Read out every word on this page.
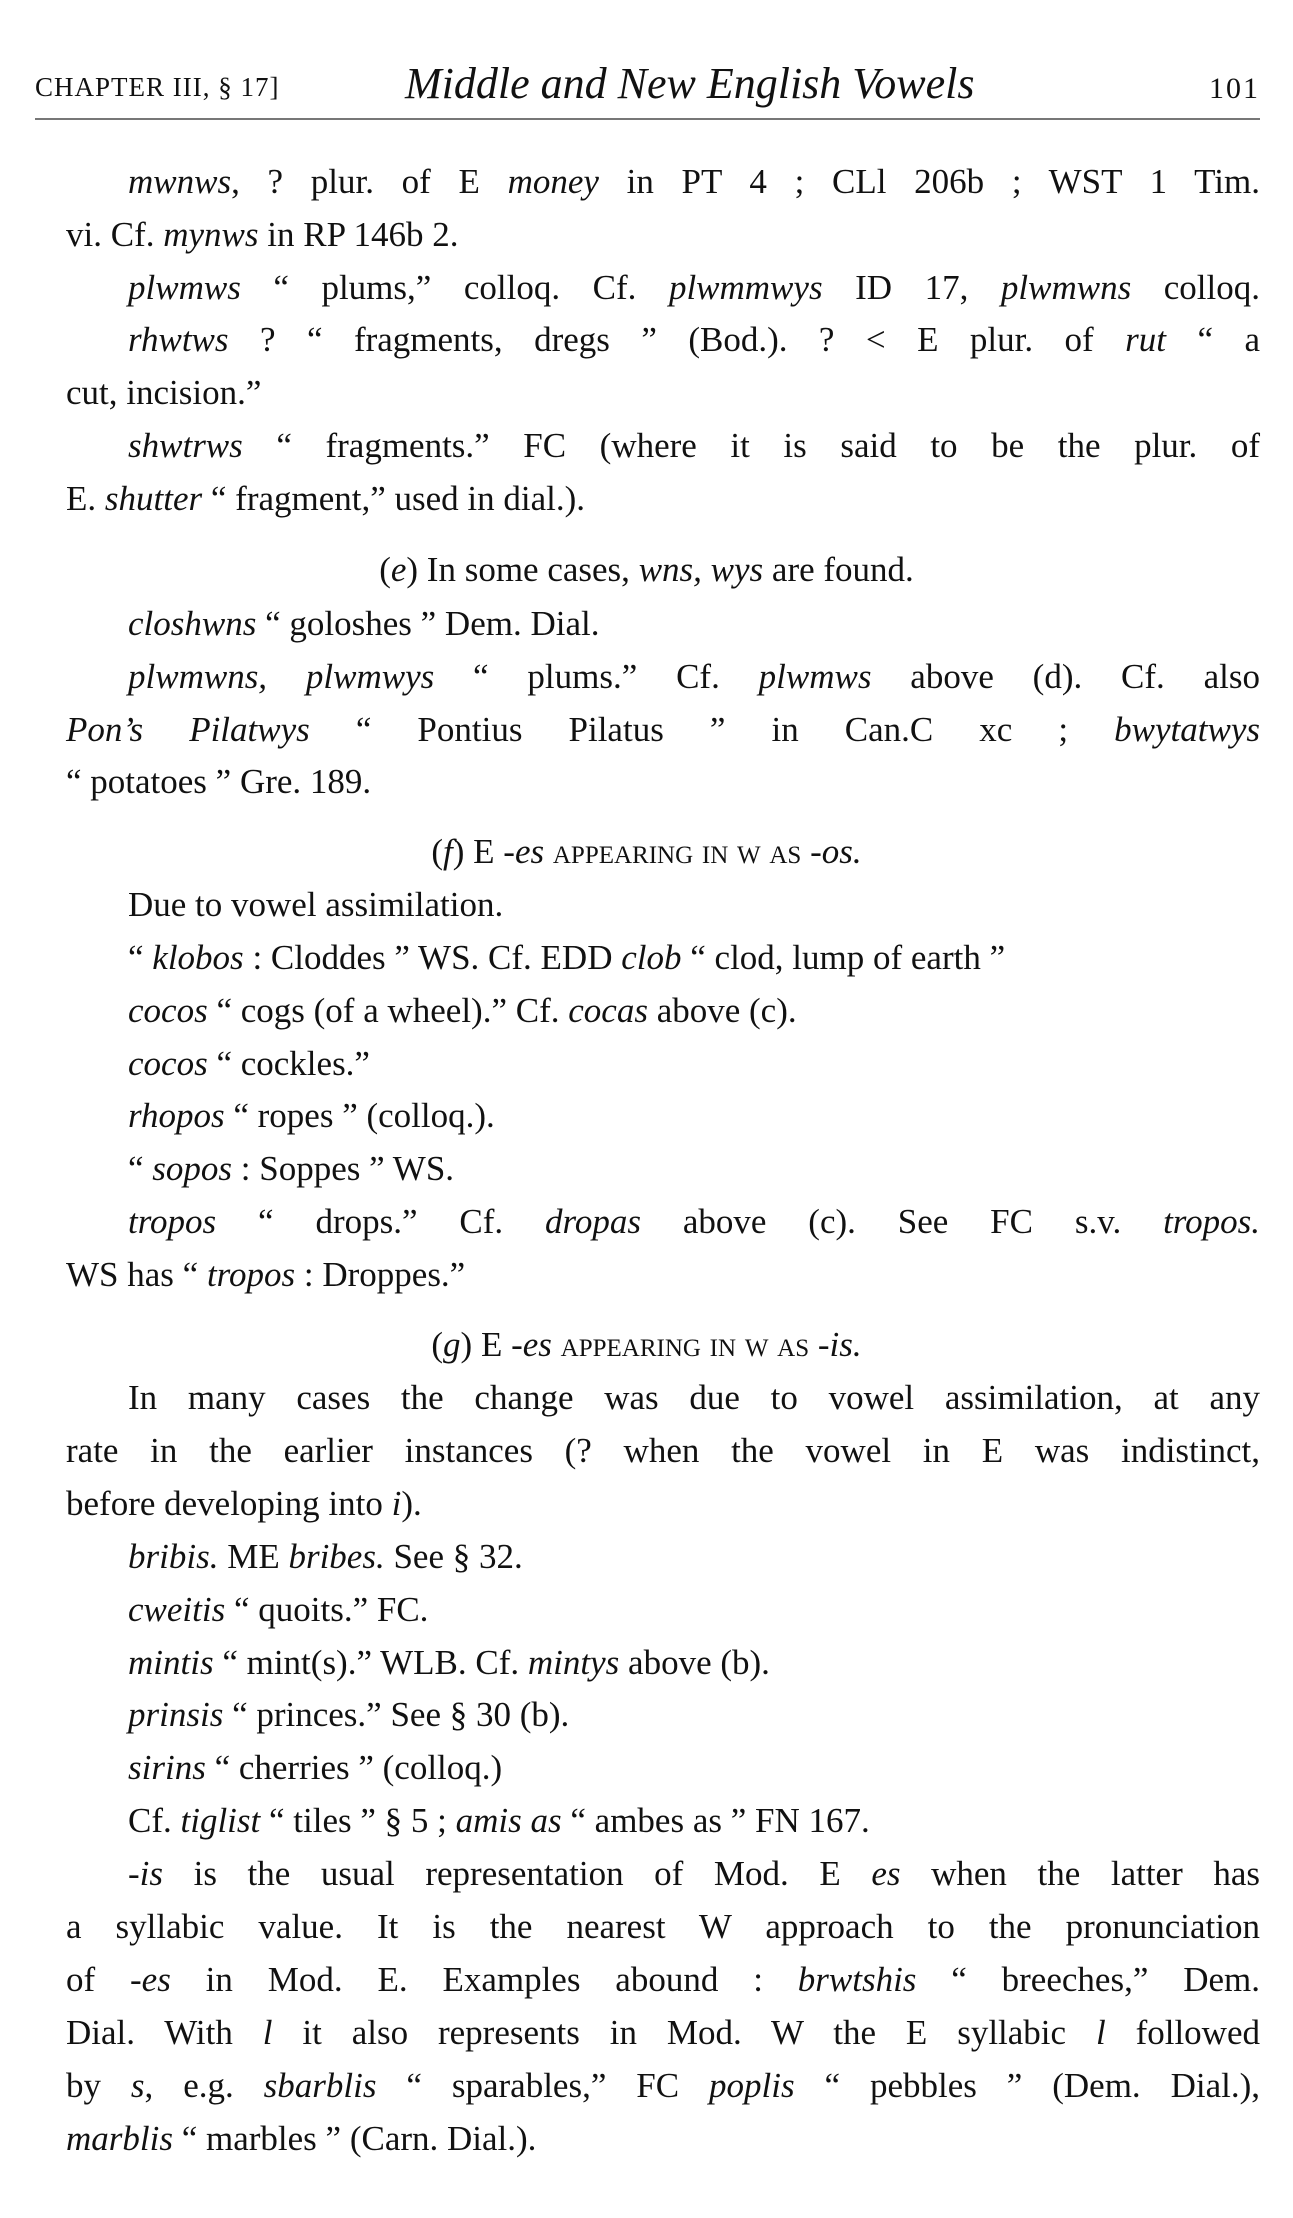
CHAPTER III, § 17]	Middle and New English Vowels	101
mwnws, ? plur. of E money in PT 4 ; CLl 206b ; WST 1 Tim.
vi. Cf. mynws in RP 146b 2.
plwmws “ plums,” colloq. Cf. plwmmwys ID 17, plwmwns colloq.
rhwtws ? “ fragments, dregs ” (Bod.). ? < E plur. of rut “ a
cut, incision.”
shwtrws “ fragments.” FC (where it is said to be the plur. of
E. shutter “ fragment,” used in dial.).
(e) In some cases, wns, wys are found.
closhwns “ goloshes ” Dem. Dial.
plwmwns, plwmwys “ plums.” Cf. plwmws above (d). Cf. also
Pon’s Pilatwys “ Pontius Pilatus ” in Can.C xc ; bwytatwys
“ potatoes ” Gre. 189.
(f) E -es appearing in w as -os.
Due to vowel assimilation.
“ klobos : Cloddes ” WS. Cf. EDD clob “ clod, lump of earth ”
cocos “ cogs (of a wheel).” Cf. cocas above (c).
cocos “ cockles.”
rhopos “ ropes ” (colloq.).
“ sopos : Soppes ” WS.
tropos “ drops.” Cf. dropas above (c). See FC s.v. tropos.
WS has “ tropos : Droppes.”
(g) E -es appearing in w as -is.
In many cases the change was due to vowel assimilation, at any
rate in the earlier instances (? when the vowel in E was indistinct,
before developing into i).
bribis. ME bribes. See § 32.
cweitis “ quoits.” FC.
mintis “ mint(s).” WLB. Cf. mintys above (b).
prinsis “ princes.” See § 30 (b).
sirins “ cherries ” (colloq.)
Cf. tiglist “ tiles ” § 5 ; amis as “ ambes as ” FN 167.
-is is the usual representation of Mod. E es when the latter has
a syllabic value. It is the nearest W approach to the pronunciation
of -es in Mod. E. Examples abound : brwtshis “ breeches,” Dem.
Dial. With l it also represents in Mod. W the E syllabic l followed
by s, e.g. sbarblis “ sparables,” FC poplis “ pebbles ” (Dem. Dial.),
marblis “ marbles ” (Carn. Dial.).
